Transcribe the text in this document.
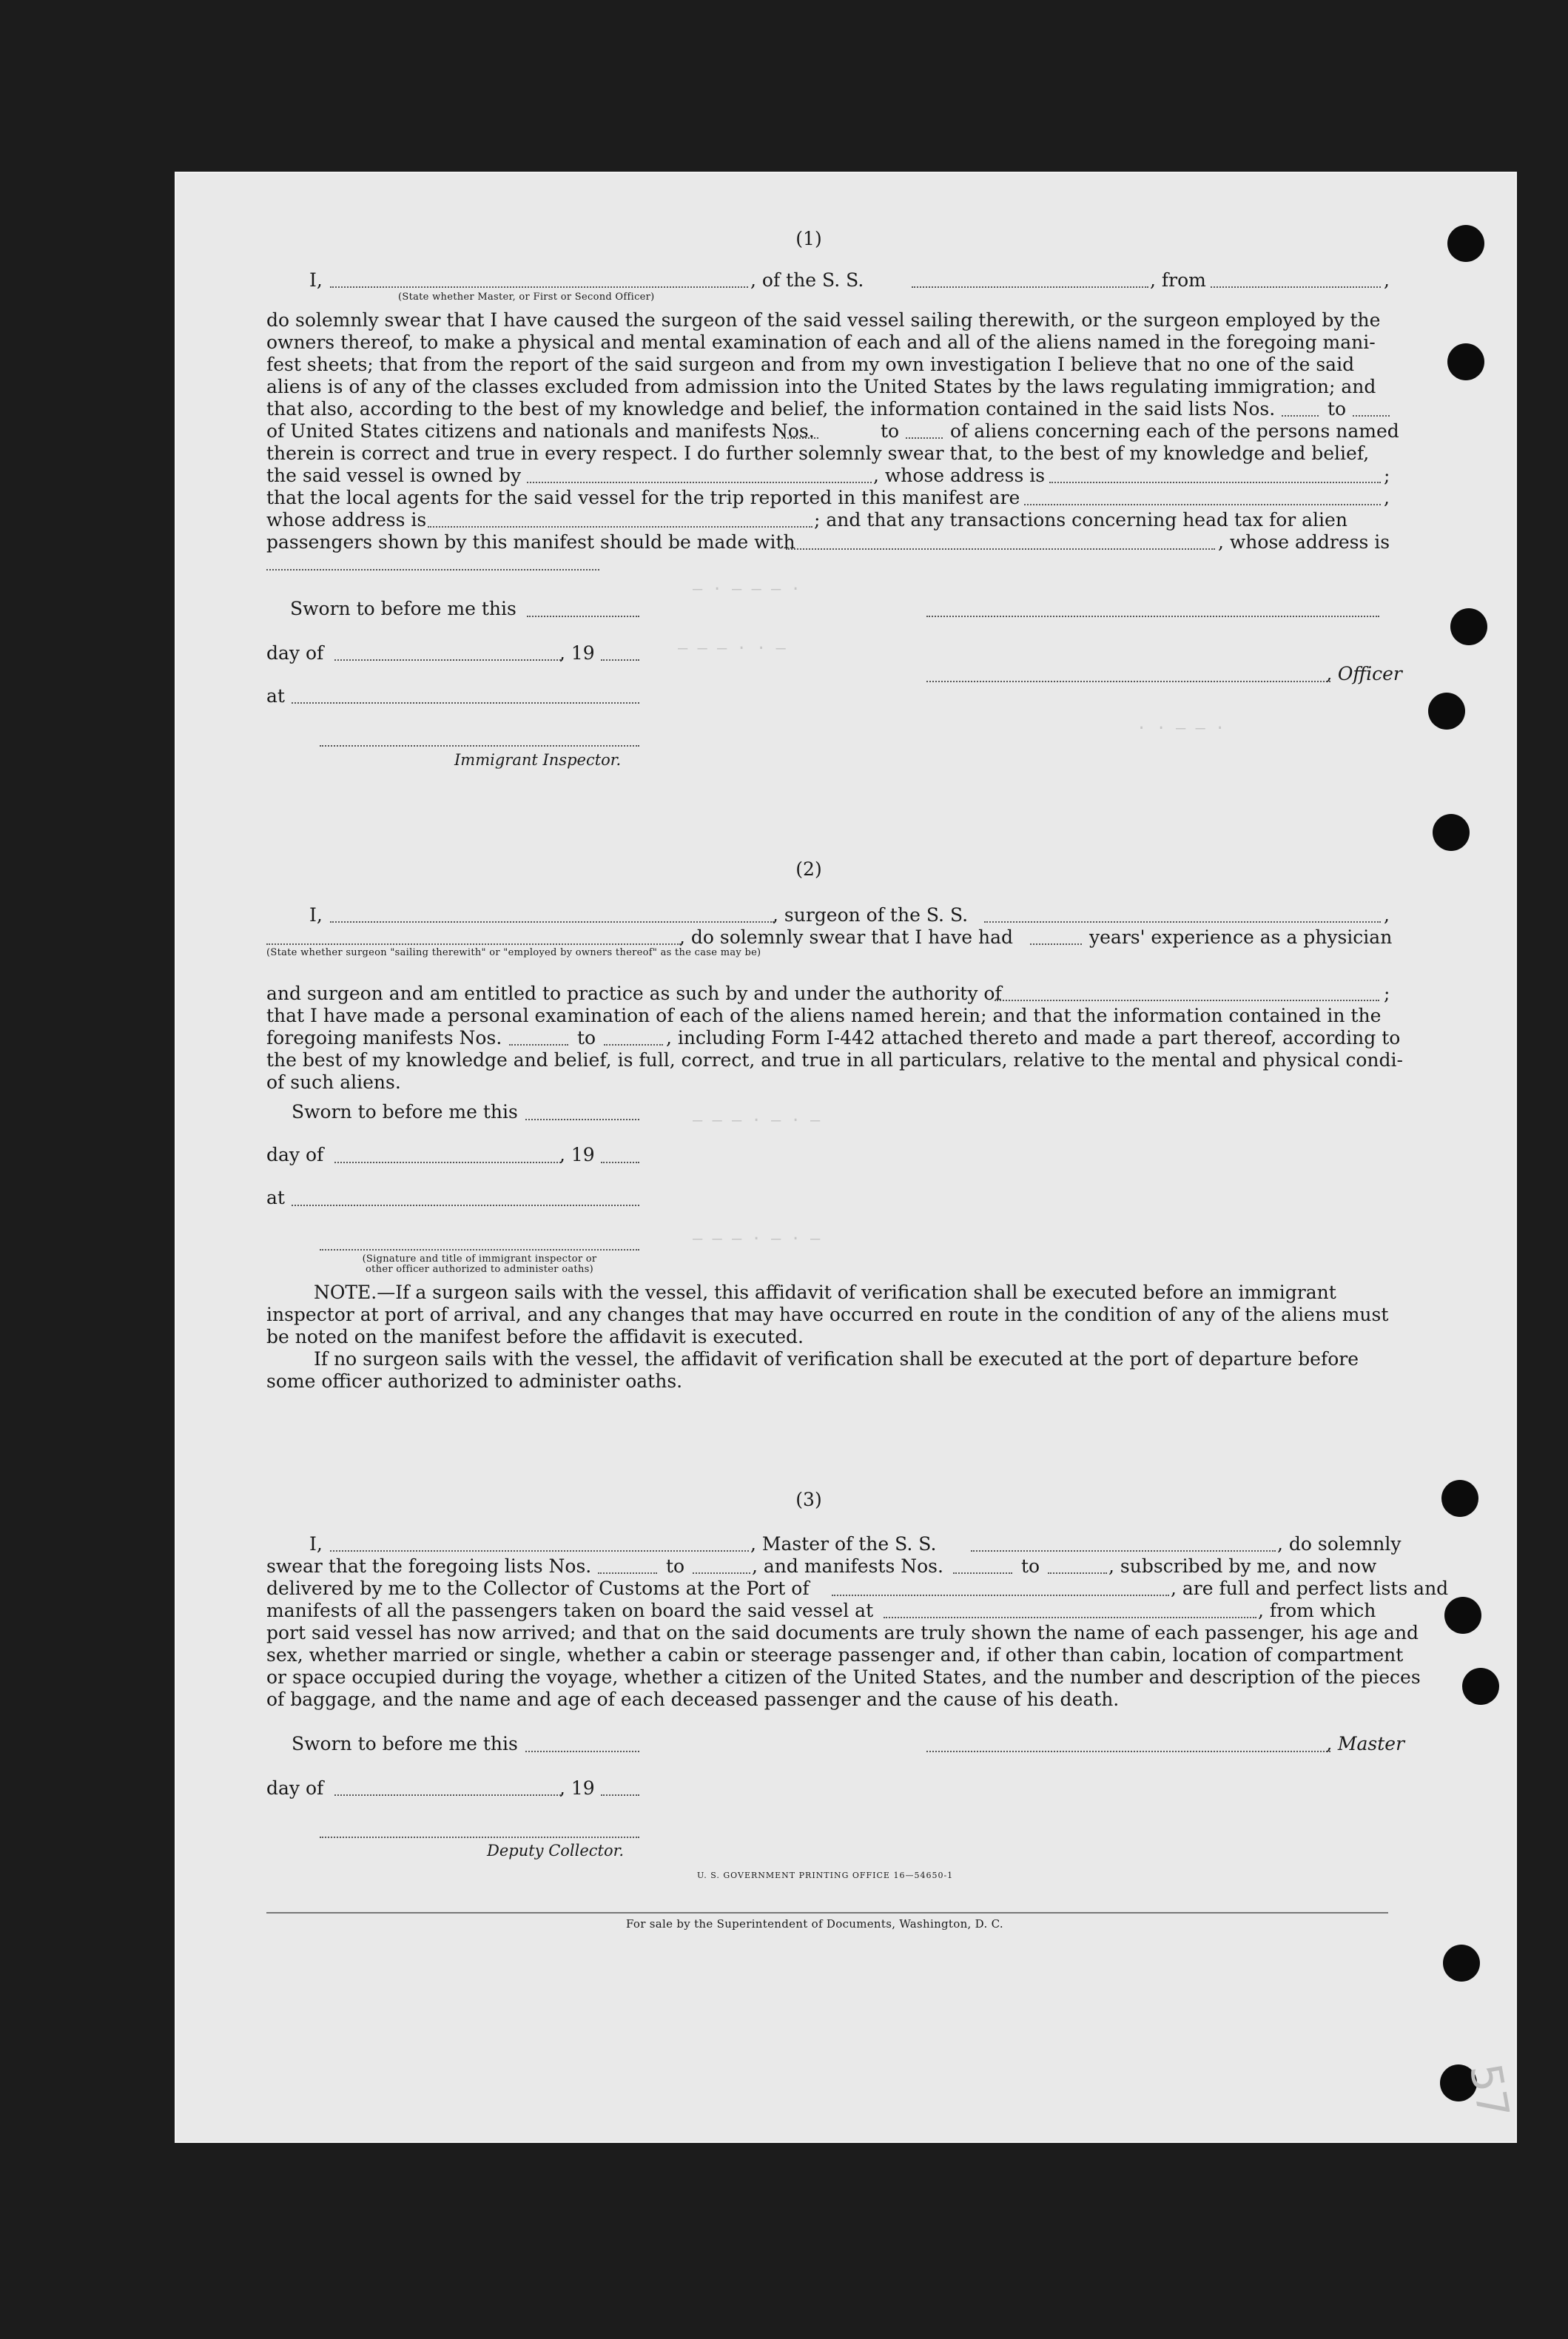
57
– · – – – ·
– – – · · –
· · – – ·
– – – · – · –
– – – · – · –
(1)
I,	, of the S. S.	, from	,
(State whether Master, or First or Second Officer)
do solemnly swear that I have caused the surgeon of the said vessel sailing therewith, or the surgeon employed by the
owners thereof, to make a physical and mental examination of each and all of the aliens named in the foregoing mani-
fest sheets; that from the report of the said surgeon and from my own investigation I believe that no one of the said
aliens is of any of the classes excluded from admission into the United States by the laws regulating immigration; and
that also, according to the best of my knowledge and belief, the information contained in the said lists Nos.	to
of United States citizens and nationals and manifests Nos.	to	of aliens concerning each of the persons named
therein is correct and true in every respect. I do further solemnly swear that, to the best of my knowledge and belief,
the said vessel is owned by	, whose address is	;
that the local agents for the said vessel for the trip reported in this manifest are	,
whose address is	; and that any transactions concerning head tax for alien
passengers shown by this manifest should be made with	, whose address is
Sworn to before me this
day of	, 19
, Officer
at
Immigrant Inspector.
(2)
I,	, surgeon of the S. S.	,
, do solemnly swear that I have had	years' experience as a physician
(State whether surgeon "sailing therewith" or "employed by owners thereof" as the case may be)
and surgeon and am entitled to practice as such by and under the authority of	;
that I have made a personal examination of each of the aliens named herein; and that the information contained in the
foregoing manifests Nos.	to	, including Form I-442 attached thereto and made a part thereof, according to
the best of my knowledge and belief, is full, correct, and true in all particulars, relative to the mental and physical condi-
of such aliens.
Sworn to before me this
day of	, 19
at
(Signature and title of immigrant inspector or
other officer authorized to administer oaths)
NOTE.—If a surgeon sails with the vessel, this affidavit of verification shall be executed before an immigrant
inspector at port of arrival, and any changes that may have occurred en route in the condition of any of the aliens must
be noted on the manifest before the affidavit is executed.
If no surgeon sails with the vessel, the affidavit of verification shall be executed at the port of departure before
some officer authorized to administer oaths.
(3)
I,	, Master of the S. S.	, do solemnly
swear that the foregoing lists Nos.	to	, and manifests Nos.	to	, subscribed by me, and now
delivered by me to the Collector of Customs at the Port of	, are full and perfect lists and
manifests of all the passengers taken on board the said vessel at	, from which
port said vessel has now arrived; and that on the said documents are truly shown the name of each passenger, his age and
sex, whether married or single, whether a cabin or steerage passenger and, if other than cabin, location of compartment
or space occupied during the voyage, whether a citizen of the United States, and the number and description of the pieces
of baggage, and the name and age of each deceased passenger and the cause of his death.
Sworn to before me this	, Master
day of	, 19
Deputy Collector.
U. S. GOVERNMENT PRINTING OFFICE 16—54650-1
For sale by the Superintendent of Documents, Washington, D. C.
